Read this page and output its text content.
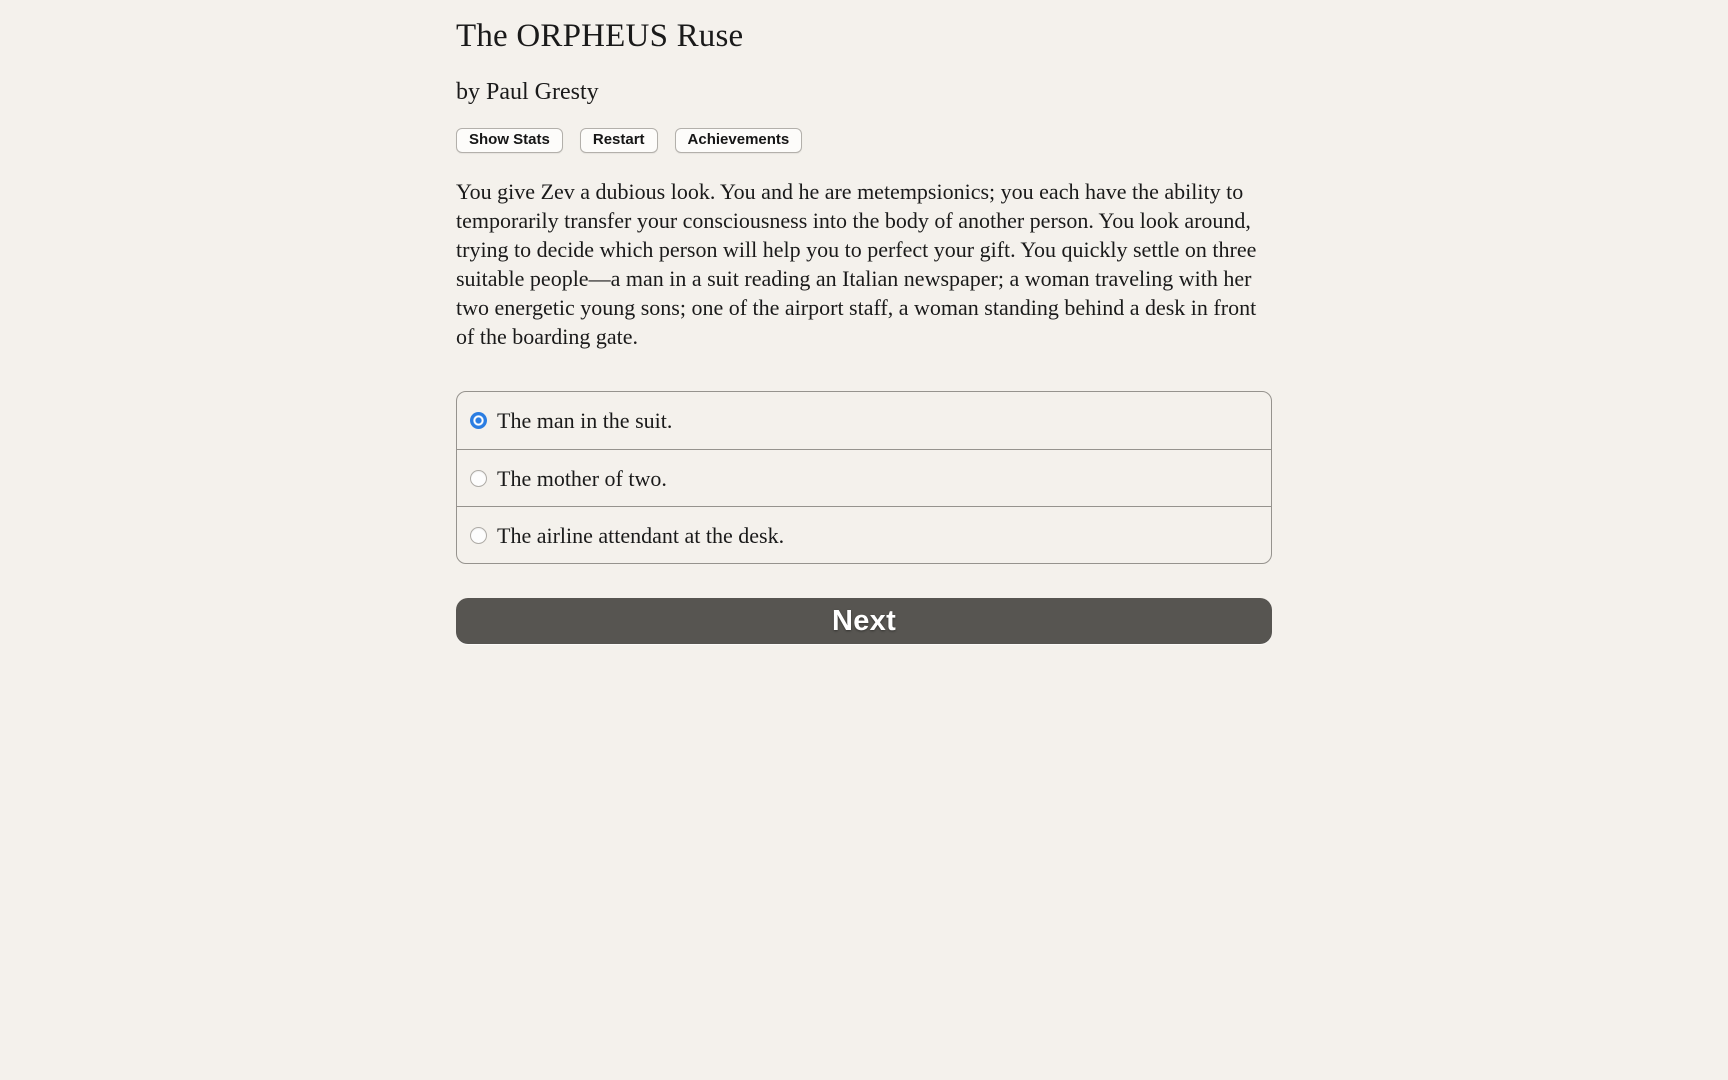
The ORPHEUS Ruse

by Paul Gresty

Show Stats	Restart	Achievements

You give Zev a dubious look. You and he are metempsionics; you each have the ability to temporarily transfer your consciousness into the body of another person. You look around, trying to decide which person will help you to perfect your gift. You quickly settle on three suitable people—a man in a suit reading an Italian newspaper; a woman traveling with her two energetic young sons; one of the airport staff, a woman standing behind a desk in front of the boarding gate.

The man in the suit.
The mother of two.
The airline attendant at the desk.
Next
